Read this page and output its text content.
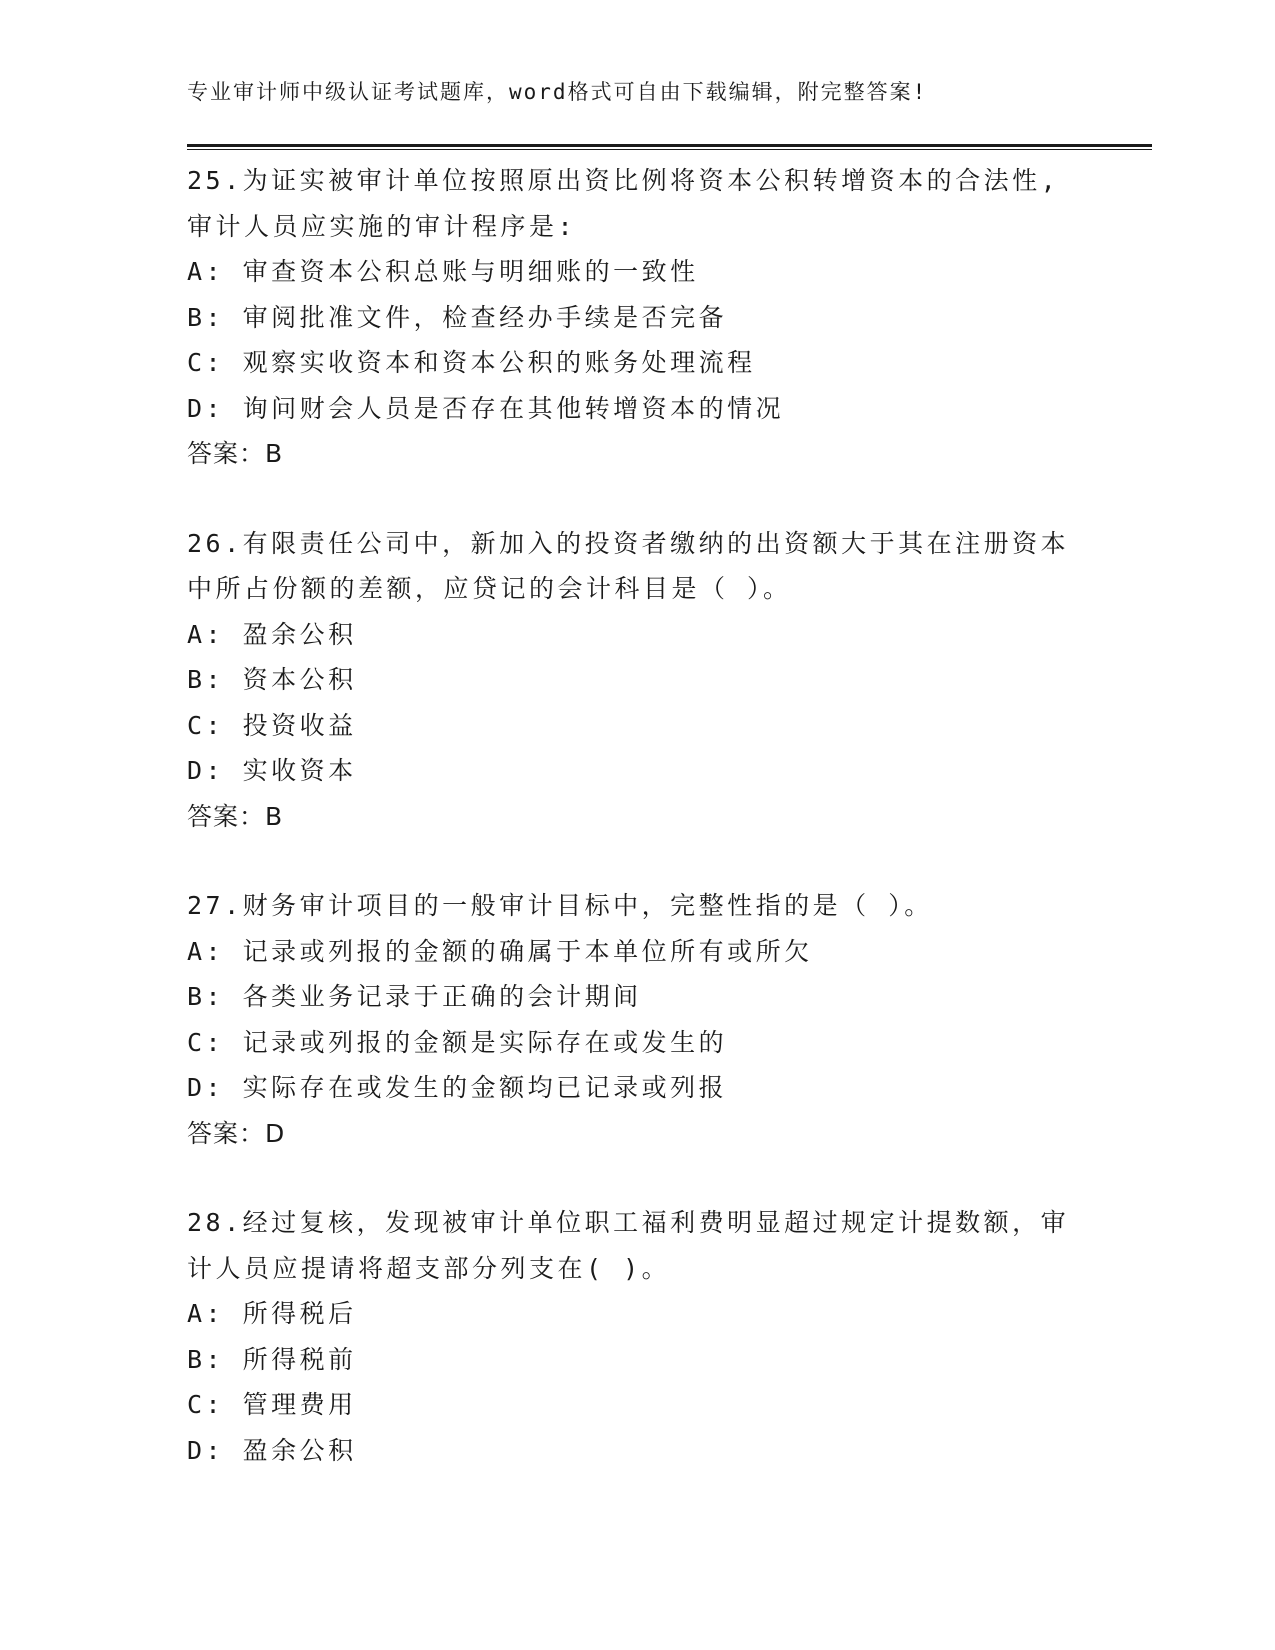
专业审计师中级认证考试题库，word格式可自由下载编辑，附完整答案!
25.为证实被审计单位按照原出资比例将资本公积转增资本的合法性,
审计人员应实施的审计程序是:
A: 审查资本公积总账与明细账的一致性
B: 审阅批准文件，检查经办手续是否完备
C: 观察实收资本和资本公积的账务处理流程
D: 询问财会人员是否存在其他转增资本的情况
答案：B
26.有限责任公司中，新加入的投资者缴纳的出资额大于其在注册资本
中所占份额的差额，应贷记的会计科目是（ ）。
A: 盈余公积
B: 资本公积
C: 投资收益
D: 实收资本
答案：B
27.财务审计项目的一般审计目标中，完整性指的是（ ）。
A: 记录或列报的金额的确属于本单位所有或所欠
B: 各类业务记录于正确的会计期间
C: 记录或列报的金额是实际存在或发生的
D: 实际存在或发生的金额均已记录或列报
答案：D
28.经过复核，发现被审计单位职工福利费明显超过规定计提数额，审
计人员应提请将超支部分列支在( )。
A: 所得税后
B: 所得税前
C: 管理费用
D: 盈余公积
